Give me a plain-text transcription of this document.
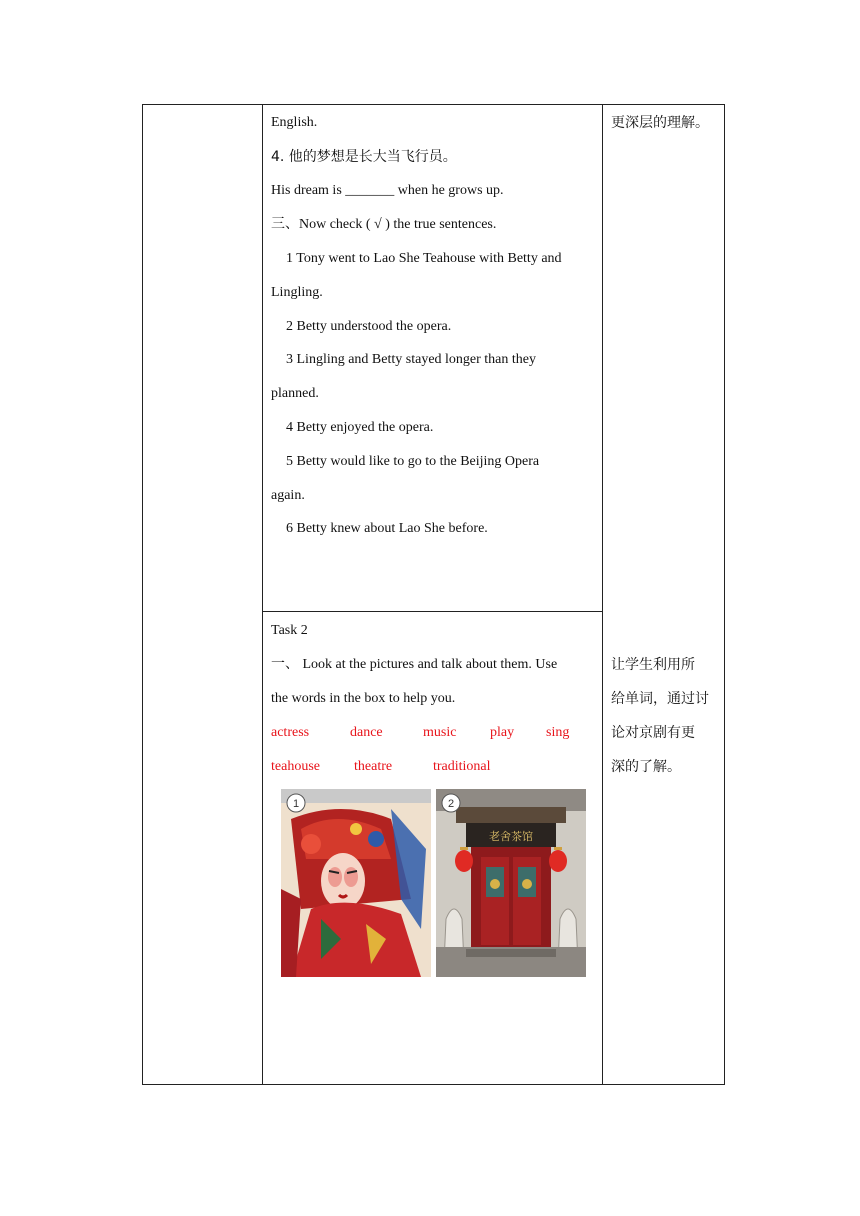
English.
4. 他的梦想是长大当飞行员。
His dream is _______ when he grows up.
三、Now check ( √ ) the true sentences.
1 Tony went to Lao She Teahouse with Betty and
Lingling.
2 Betty understood the opera.
3 Lingling and Betty stayed longer than they
planned.
4 Betty enjoyed the opera.
5 Betty would like to go to the Beijing Opera
again.
6 Betty knew about Lao She before.
更深层的理解。
Task 2
一、 Look at the pictures and talk about them. Use
the words in the box to help you.
actress	dance	music play sing
teahouse theatre	traditional
1
老舍茶馆
2
让学生利用所
给单词，通过讨
论对京剧有更
深的了解。
